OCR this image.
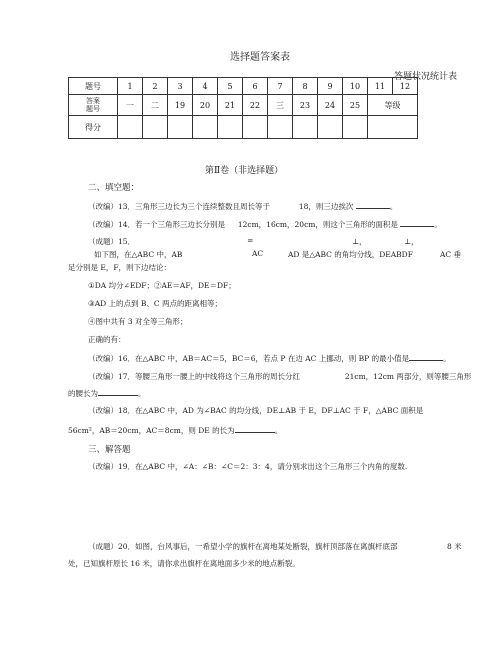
选择题答案表
答题状况统计表
题号	1	2	3	4	5	6	7	8	9	10	11	12

答案
题号	一	二	19	20	21	22	三	23	24	25	等级	
得分												
第Ⅱ卷（非选择题）
二、填空题：
（改编）13．三角形三边长为三个连续整数且周长等于	18，则三边挨次	。
（改编）14．若一个三角形三边长分别是 12cm，16cm，20cm，则这个三角形的面积是	。
（成题）15．	═	⊥，	⊥，
如下图，在△ABC 中，AB	AC	AD 是△ABC 的角均分线，DEABDF	AC 垂
足分别是 E，F，则下边结论：
①DA 均分∠EDF；②AE＝AF，DE＝DF；
③AD 上的点到 B、C 两点的距离相等；
④图中共有 3 对全等三角形；
正确的有：
（改编）16．在△ABC 中，AB＝AC＝5，BC＝6，若点 P 在边 AC 上挪动，则 BP 的最小值是	。
（改编）17．等腰三角形一腰上的中线将这个三角形的周长分红	21cm，12cm 两部分，则等腰三角形
的腰长为	。
（改编）18．在△ABC 中，AD 为∠BAC 的均分线，DE⊥AB 于 E，DF⊥AC 于 F，△ABC 面积是
56cm²，AB＝20cm，AC＝8cm，则 DE 的长为	。
三、解答题
（改编）19．在△ABC 中，∠A：∠B：∠C＝2：3：4，请分别求出这个三角形三个内角的度数.
（成题）20．如图，台风事后，一希望小学的旗杆在离地某处断裂，旗杆顶部落在离旗杆底部	8 米
处，已知旗杆原长 16 米，请你求出旗杆在离地面多少米的地点断裂。
